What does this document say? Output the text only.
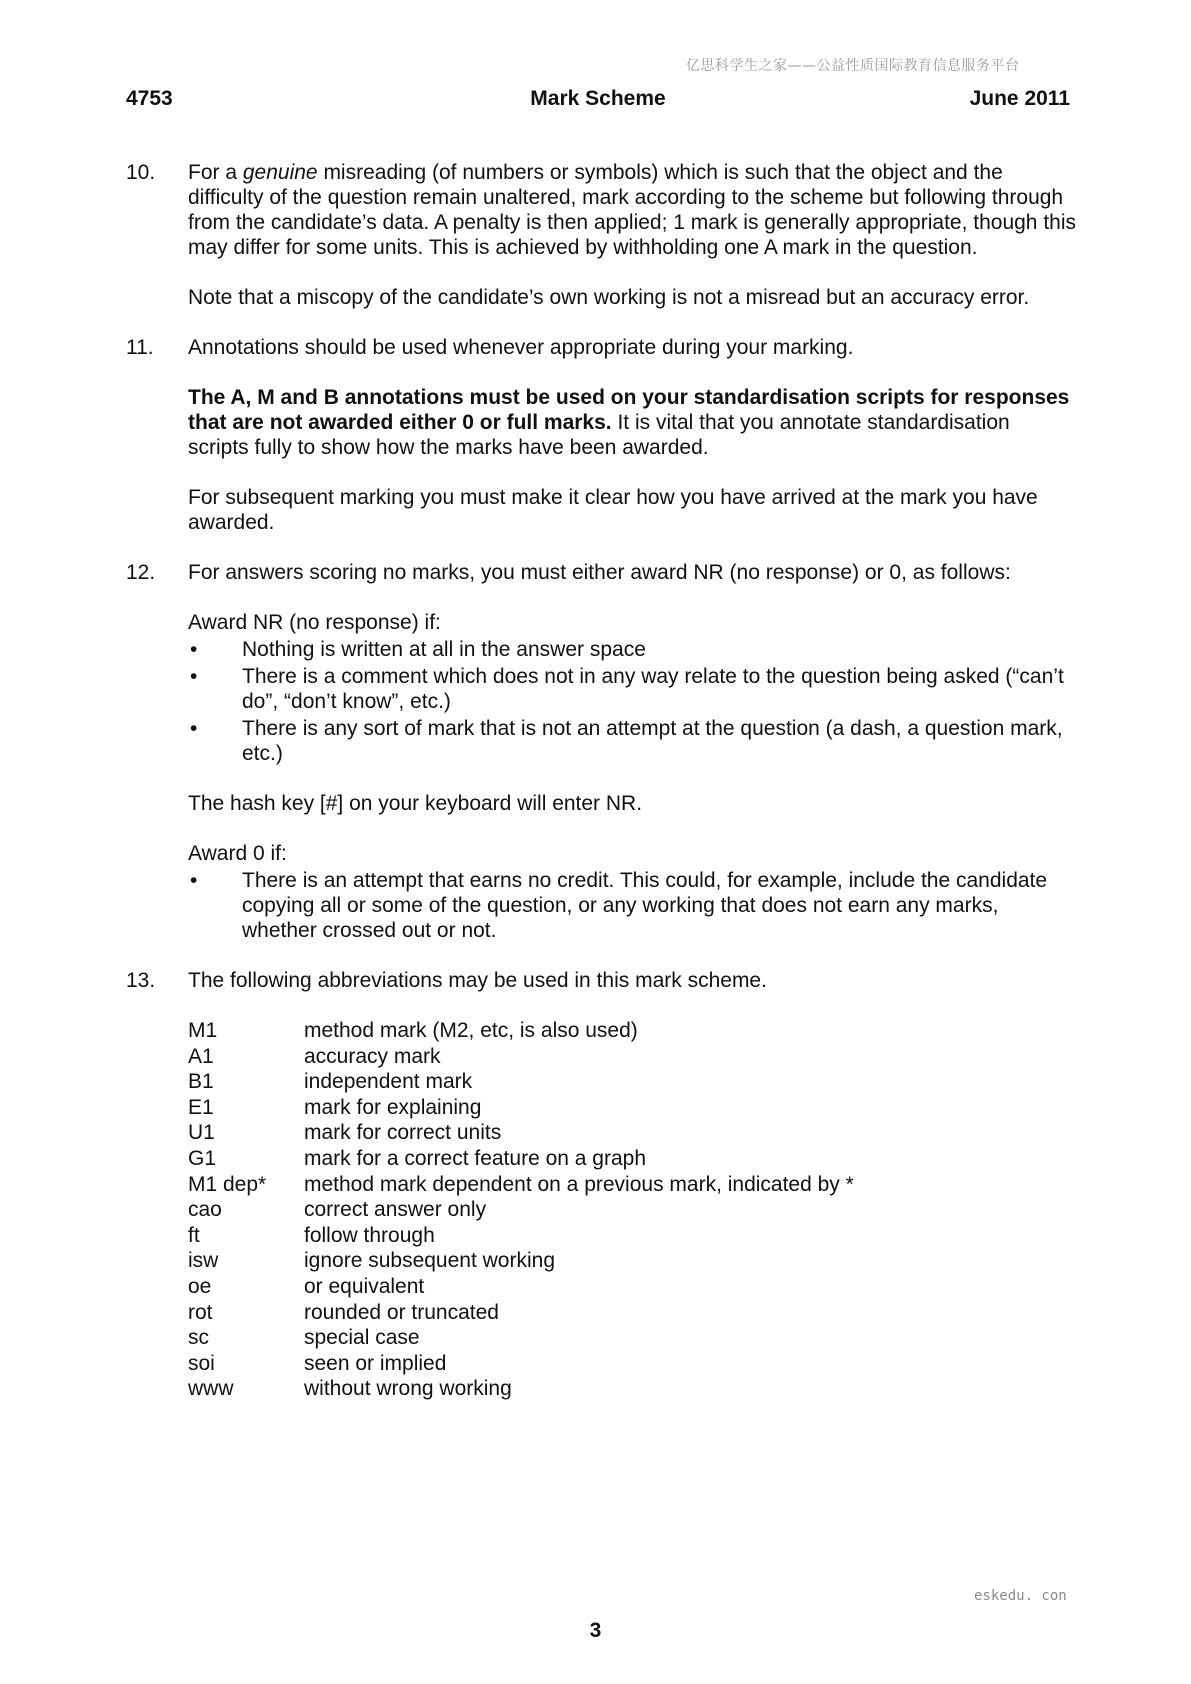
亿思科学生之家——公益性质国际教育信息服务平台
4753	Mark Scheme	June 2011
10. For a genuine misreading (of numbers or symbols) which is such that the object and the difficulty of the question remain unaltered, mark according to the scheme but following through from the candidate’s data. A penalty is then applied; 1 mark is generally appropriate, though this may differ for some units. This is achieved by withholding one A mark in the question.

Note that a miscopy of the candidate’s own working is not a misread but an accuracy error.

11. Annotations should be used whenever appropriate during your marking.

The A, M and B annotations must be used on your standardisation scripts for responses that are not awarded either 0 or full marks. It is vital that you annotate standardisation scripts fully to show how the marks have been awarded.

For subsequent marking you must make it clear how you have arrived at the mark you have awarded.

12. For answers scoring no marks, you must either award NR (no response) or 0, as follows:

Award NR (no response) if:

• Nothing is written at all in the answer space
• There is a comment which does not in any way relate to the question being asked (“can’t do”, “don’t know”, etc.)
• There is any sort of mark that is not an attempt at the question (a dash, a question mark, etc.)

The hash key [#] on your keyboard will enter NR.

Award 0 if:

• There is an attempt that earns no credit. This could, for example, include the candidate copying all or some of the question, or any working that does not earn any marks, whether crossed out or not.
13. The following abbreviations may be used in this mark scheme.

M1	method mark (M2, etc, is also used)
A1	accuracy mark
B1	independent mark
E1	mark for explaining
U1	mark for correct units
G1	mark for a correct feature on a graph
M1 dep*	method mark dependent on a previous mark, indicated by *
cao	correct answer only
ft	follow through
isw	ignore subsequent working
oe	or equivalent
rot	rounded or truncated
sc	special case
soi	seen or implied
www	without wrong working
eskedu. con
3
